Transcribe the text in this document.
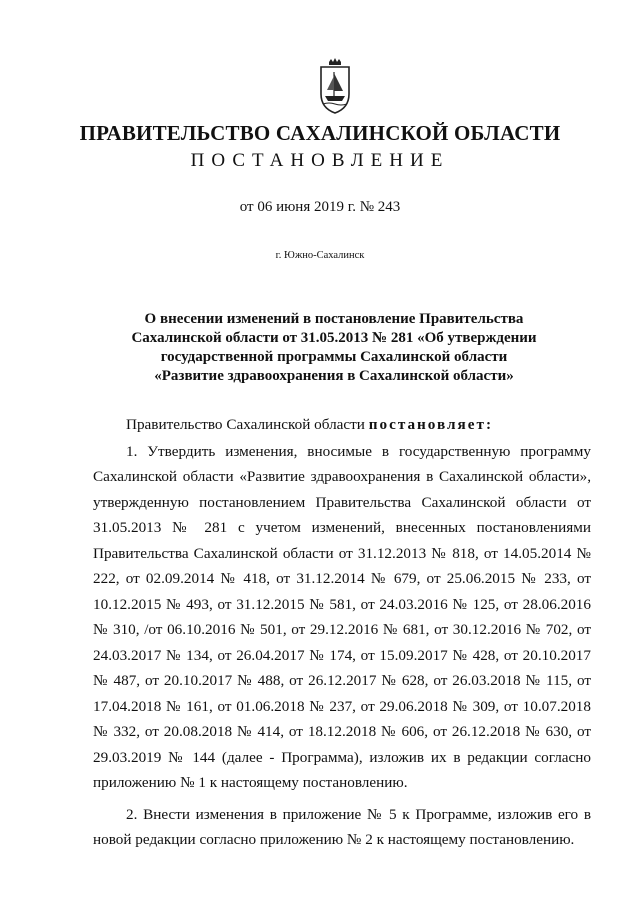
ПРАВИТЕЛЬСТВО САХАЛИНСКОЙ ОБЛАСТИ
ПОСТАНОВЛЕНИЕ
от 06 июня 2019 г. № 243
г. Южно-Сахалинск
О внесении изменений в постановление Правительства
Сахалинской области от 31.05.2013 № 281 «Об утверждении
государственной программы Сахалинской области
«Развитие здравоохранения в Сахалинской области»

Правительство Сахалинской области постановляет:

1. Утвердить изменения, вносимые в государственную программу Сахалинской области «Развитие здравоохранения в Сахалинской области», утвержденную постановлением Правительства Сахалинской области от 31.05.2013 № 281 с учетом изменений, внесенных постановлениями Правительства Сахалинской области от 31.12.2013 № 818, от 14.05.2014 № 222, от 02.09.2014 № 418, от 31.12.2014 № 679, от 25.06.2015 № 233, от 10.12.2015 № 493, от 31.12.2015 № 581, от 24.03.2016 № 125, от 28.06.2016 № 310, /от 06.10.2016 № 501, от 29.12.2016 № 681, от 30.12.2016 № 702, от 24.03.2017 № 134, от 26.04.2017 № 174, от 15.09.2017 № 428, от 20.10.2017 № 487, от 20.10.2017 № 488, от 26.12.2017 № 628, от 26.03.2018 № 115, от 17.04.2018 № 161, от 01.06.2018 № 237, от 29.06.2018 № 309, от 10.07.2018 № 332, от 20.08.2018 № 414, от 18.12.2018 № 606, от 26.12.2018 № 630, от 29.03.2019 № 144 (далее - Программа), изложив их в редакции согласно приложению № 1 к настоящему постановлению.

2. Внести изменения в приложение № 5 к Программе, изложив его в новой редакции согласно приложению № 2 к настоящему постановлению.
